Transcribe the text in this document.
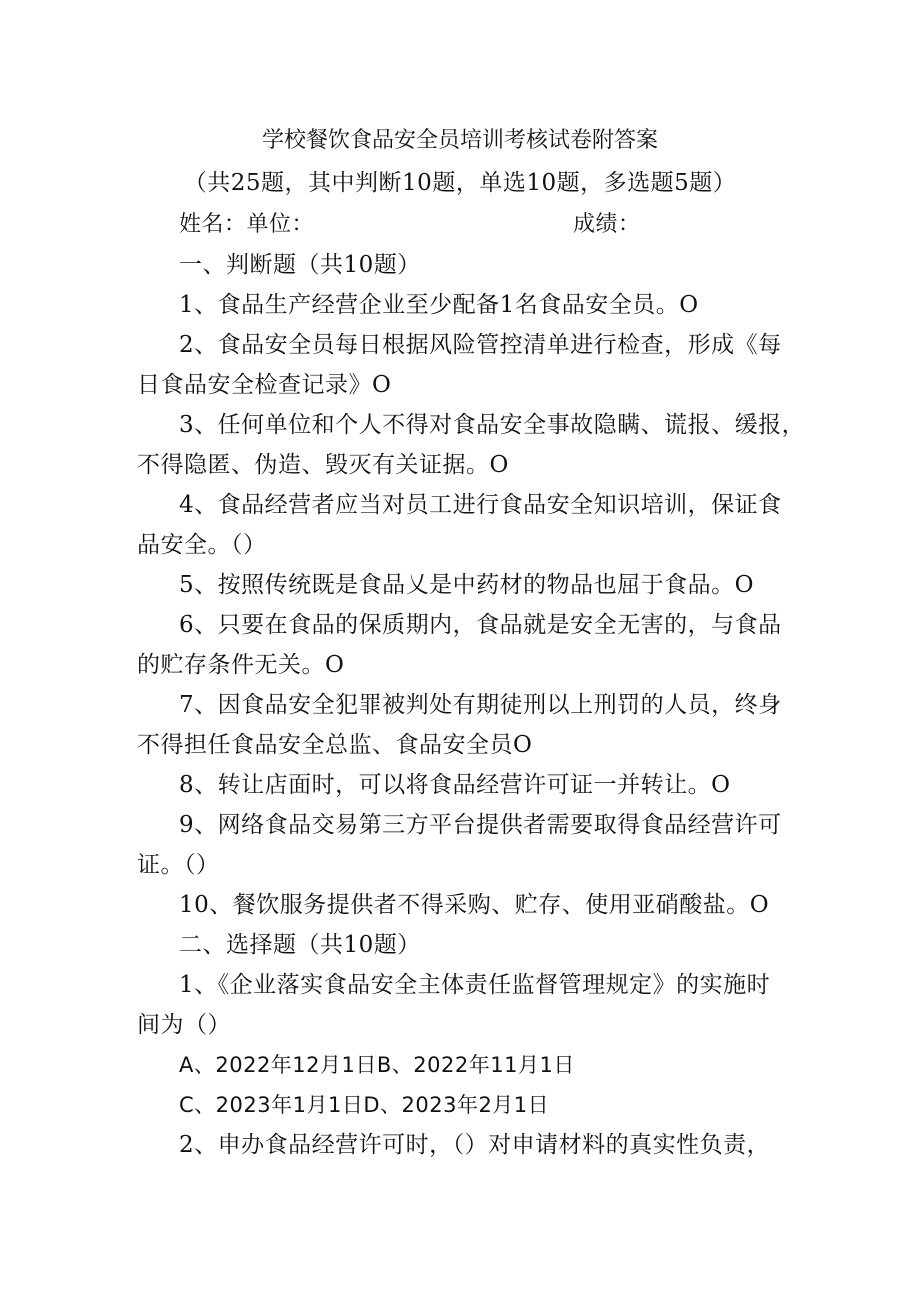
学校餐饮食品安全员培训考核试卷附答案
（共25题，其中判断10题，单选10题，多选题5题）
姓名：单位：	成绩：
一、判断题（共10题）
1、食品生产经营企业至少配备1名食品安全员。O
2、食品安全员每日根据风险管控清单进行检查，形成《每
日食品安全检查记录》O
3、任何单位和个人不得对食品安全事故隐瞒、谎报、缓报，
不得隐匿、伪造、毁灭有关证据。O
4、食品经营者应当对员工进行食品安全知识培训，保证食
品安全。（）
5、按照传统既是食品乂是中药材的物品也屈于食品。O
6、只要在食品的保质期内，食品就是安全无害的，与食品
的贮存条件无关。O
7、因食品安全犯罪被判处有期徒刑以上刑罚的人员，终身
不得担任食品安全总监、食品安全员O
8、转让店面时，可以将食品经营许可证一并转让。O
9、网络食品交易第三方平台提供者需要取得食品经营许可
证。（）
10、餐饮服务提供者不得采购、贮存、使用亚硝酸盐。O
二、选择题（共10题）
1、《企业落实食品安全主体责任监督管理规定》的实施时
间为（）
A、2022年12月1日B、2022年11月1日
C、2023年1月1日D、2023年2月1日
2、申办食品经营许可时，（）对申请材料的真实性负责，
